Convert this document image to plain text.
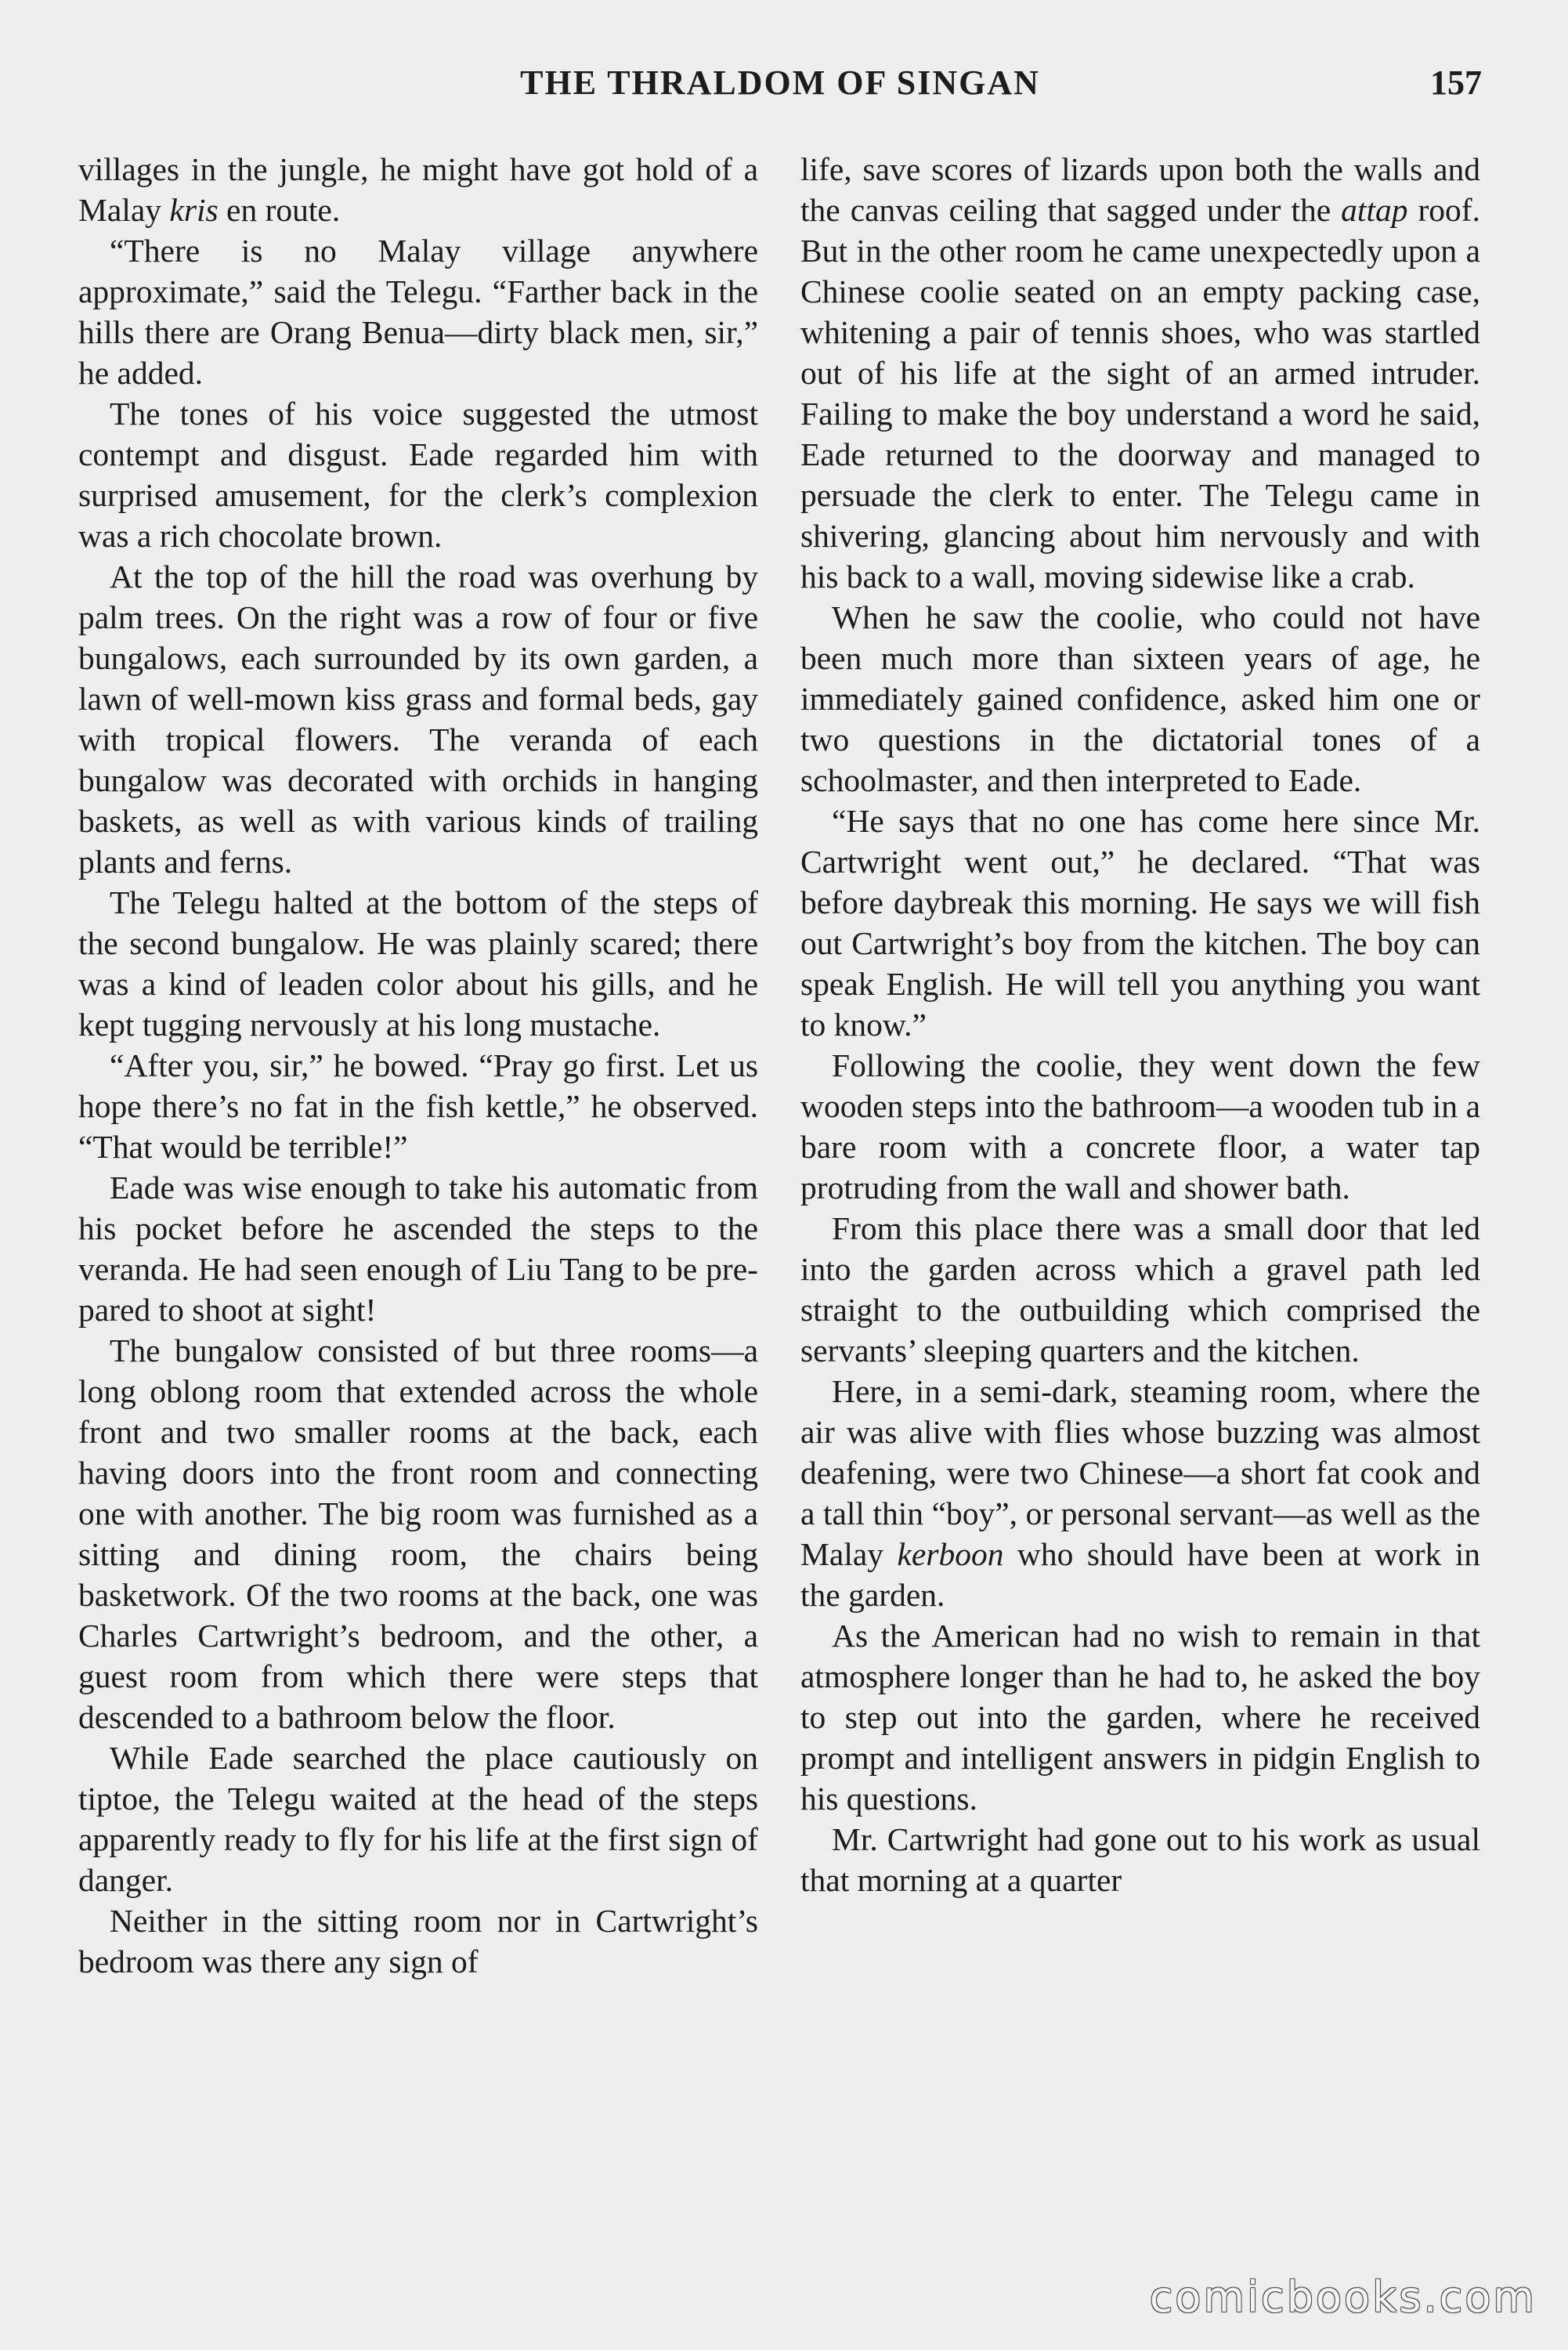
THE THRALDOM OF SINGAN	157

villages in the jungle, he might have got hold of a Malay kris en route.

“There is no Malay village anywhere approximate,” said the Telegu. “Farther back in the hills there are Orang Benua—dirty black men, sir,” he added.

The tones of his voice suggested the utmost contempt and disgust. Eade regarded him with surprised amusement, for the clerk’s complexion was a rich chocolate brown.

At the top of the hill the road was overhung by palm trees. On the right was a row of four or five bungalows, each surrounded by its own garden, a lawn of well-mown kiss grass and formal beds, gay with tropical flowers. The veranda of each bungalow was decorated with orchids in hanging baskets, as well as with various kinds of trailing plants and ferns.

The Telegu halted at the bottom of the steps of the second bungalow. He was plainly scared; there was a kind of leaden color about his gills, and he kept tugging nervously at his long mustache.

“After you, sir,” he bowed. “Pray go first. Let us hope there’s no fat in the fish kettle,” he observed. “That would be terrible!”

Eade was wise enough to take his automatic from his pocket before he ascended the steps to the veranda. He had seen enough of Liu Tang to be prepared to shoot at sight!

The bungalow consisted of but three rooms—a long oblong room that extended across the whole front and two smaller rooms at the back, each having doors into the front room and connecting one with another. The big room was furnished as a sitting and dining room, the chairs being basketwork. Of the two rooms at the back, one was Charles Cartwright’s bedroom, and the other, a guest room from which there were steps that descended to a bathroom below the floor.

While Eade searched the place cautiously on tiptoe, the Telegu waited at the head of the steps apparently ready to fly for his life at the first sign of danger.

Neither in the sitting room nor in Cartwright’s bedroom was there any sign of

life, save scores of lizards upon both the walls and the canvas ceiling that sagged under the attap roof. But in the other room he came unexpectedly upon a Chinese coolie seated on an empty packing case, whitening a pair of tennis shoes, who was startled out of his life at the sight of an armed intruder. Failing to make the boy understand a word he said, Eade returned to the doorway and managed to persuade the clerk to enter. The Telegu came in shivering, glancing about him nervously and with his back to a wall, moving sidewise like a crab.

When he saw the coolie, who could not have been much more than sixteen years of age, he immediately gained confidence, asked him one or two questions in the dictatorial tones of a schoolmaster, and then interpreted to Eade.

“He says that no one has come here since Mr. Cartwright went out,” he declared. “That was before daybreak this morning. He says we will fish out Cartwright’s boy from the kitchen. The boy can speak English. He will tell you anything you want to know.”

Following the coolie, they went down the few wooden steps into the bathroom—a wooden tub in a bare room with a concrete floor, a water tap protruding from the wall and shower bath.

From this place there was a small door that led into the garden across which a gravel path led straight to the outbuilding which comprised the servants’ sleeping quarters and the kitchen.

Here, in a semi-dark, steaming room, where the air was alive with flies whose buzzing was almost deafening, were two Chinese—a short fat cook and a tall thin “boy”, or personal servant—as well as the Malay kerboon who should have been at work in the garden.

As the American had no wish to remain in that atmosphere longer than he had to, he asked the boy to step out into the garden, where he received prompt and intelligent answers in pidgin English to his questions.

Mr. Cartwright had gone out to his work as usual that morning at a quarter

comicbooks.com
